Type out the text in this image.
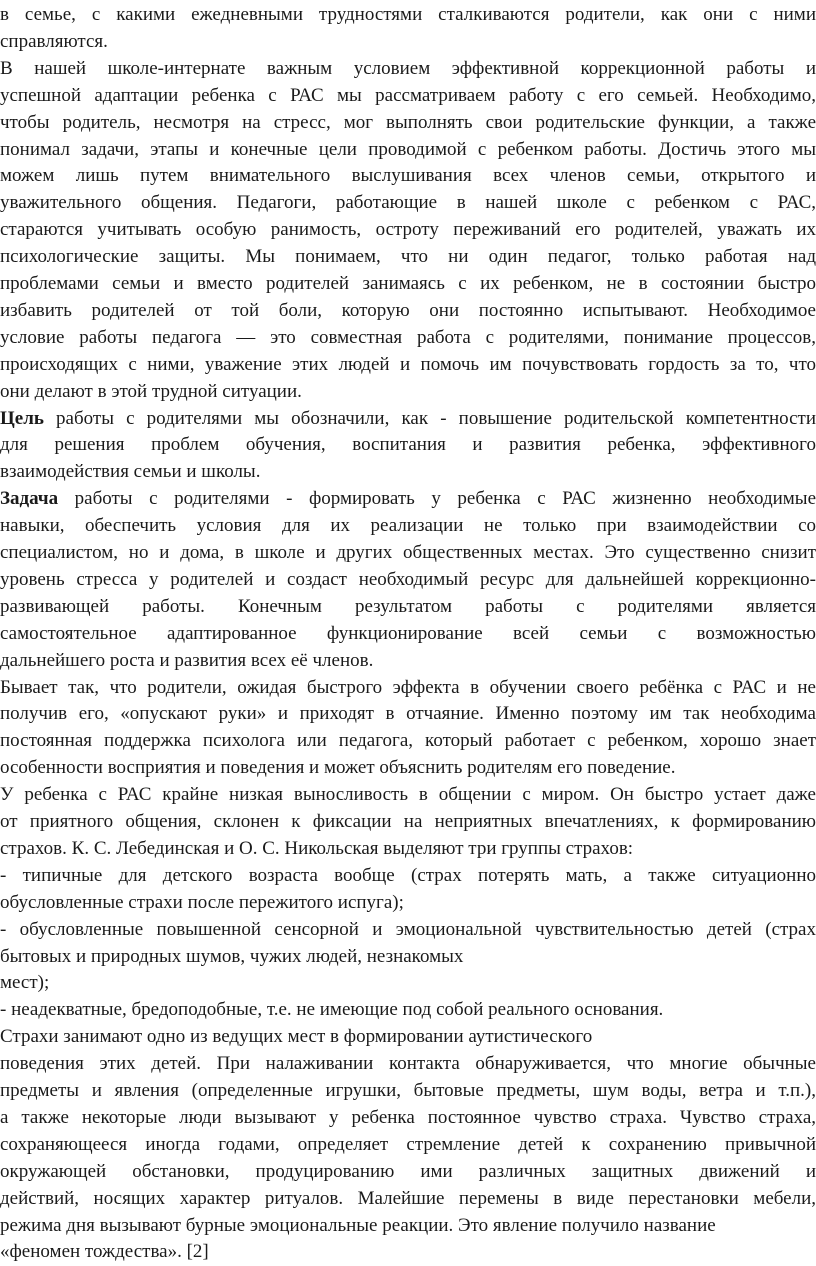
в семье, с какими ежедневными трудностями сталкиваются родители, как они с ними
справляются.
В нашей школе-интернате важным условием эффективной коррекционной работы и
успешной адаптации ребенка с РАС мы рассматриваем работу с его семьей. Необходимо,
чтобы родитель, несмотря на стресс, мог выполнять свои родительские функции, а также
понимал задачи, этапы и конечные цели проводимой с ребенком работы. Достичь этого мы
можем лишь путем внимательного выслушивания всех членов семьи, открытого и
уважительного общения. Педагоги, работающие в нашей школе с ребенком с РАС,
стараются учитывать особую ранимость, остроту переживаний его родителей, уважать их
психологические защиты. Мы понимаем, что ни один педагог, только работая над
проблемами семьи и вместо родителей занимаясь с их ребенком, не в состоянии быстро
избавить родителей от той боли, которую они постоянно испытывают. Необходимое
условие работы педагога — это совместная работа с родителями, понимание процессов,
происходящих с ними, уважение этих людей и помочь им почувствовать гордость за то, что
они делают в этой трудной ситуации.
Цель работы с родителями мы обозначили, как - повышение родительской компетентности
для решения проблем обучения, воспитания и развития ребенка, эффективного
взаимодействия семьи и школы.
Задача работы с родителями - формировать у ребенка с РАС жизненно необходимые
навыки, обеспечить условия для их реализации не только при взаимодействии со
специалистом, но и дома, в школе и других общественных местах. Это существенно снизит
уровень стресса у родителей и создаст необходимый ресурс для дальнейшей коррекционно-
развивающей работы. Конечным результатом работы с родителями является
самостоятельное адаптированное функционирование всей семьи с возможностью
дальнейшего роста и развития всех её членов.
Бывает так, что родители, ожидая быстрого эффекта в обучении своего ребёнка с РАС и не
получив его, «опускают руки» и приходят в отчаяние. Именно поэтому им так необходима
постоянная поддержка психолога или педагога, который работает с ребенком, хорошо знает
особенности восприятия и поведения и может объяснить родителям его поведение.
У ребенка с РАС крайне низкая выносливость в общении с миром. Он быстро устает даже
от приятного общения, склонен к фиксации на неприятных впечатлениях, к формированию
страхов. К. С. Лебединская и О. С. Никольская выделяют три группы страхов:
- типичные для детского возраста вообще (страх потерять мать, а также ситуационно
обусловленные страхи после пережитого испуга);
- обусловленные повышенной сенсорной и эмоциональной чувствительностью детей (страх
бытовых и природных шумов, чужих людей, незнакомых
мест);
- неадекватные, бредоподобные, т.е. не имеющие под собой реального основания.
Страхи занимают одно из ведущих мест в формировании аутистического
поведения этих детей. При налаживании контакта обнаруживается, что многие обычные
предметы и явления (определенные игрушки, бытовые предметы, шум воды, ветра и т.п.),
а также некоторые люди вызывают у ребенка постоянное чувство страха. Чувство страха,
сохраняющееся иногда годами, определяет стремление детей к сохранению привычной
окружающей обстановки, продуцированию ими различных защитных движений и
действий, носящих характер ритуалов. Малейшие перемены в виде перестановки мебели,
режима дня вызывают бурные эмоциональные реакции. Это явление получило название
«феномен тождества». [2]
